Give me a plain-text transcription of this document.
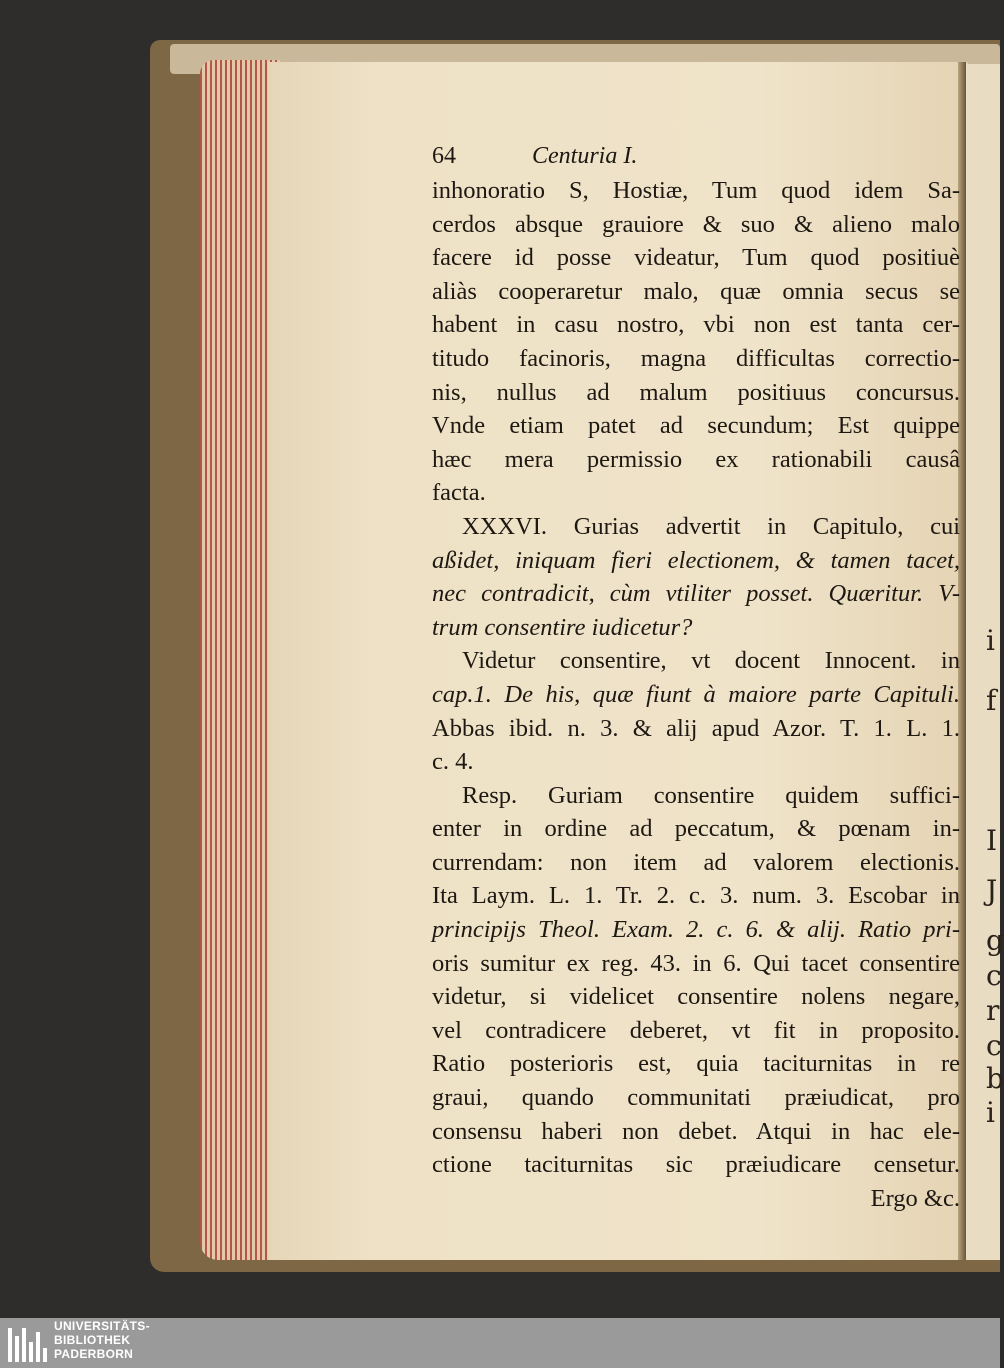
i
f
I
J
g
c
r
c
b
i
64	Centuria I.
inhonoratio S, Hostiæ, Tum quod idem Sa-
cerdos absque grauiore & suo & alieno malo
facere id posse videatur, Tum quod positiuè
aliàs cooperaretur malo, quæ omnia secus se
habent in casu nostro, vbi non est tanta cer-
titudo facinoris, magna difficultas correctio-
nis, nullus ad malum positiuus concursus.
Vnde etiam patet ad secundum; Est quippe
hæc mera permissio ex rationabili causâ
facta.
XXXVI. Gurias advertit in Capitulo, cui
aßidet, iniquam fieri electionem, & tamen tacet,
nec contradicit, cùm vtiliter posset. Quæritur. V-
trum consentire iudicetur?
Videtur consentire, vt docent Innocent. in
cap.1. De his, quæ fiunt à maiore parte Capituli.
Abbas ibid. n. 3. & alij apud Azor. T. 1. L. 1.
c. 4.
Resp. Guriam consentire quidem suffici-
enter in ordine ad peccatum, & pœnam in-
currendam: non item ad valorem electionis.
Ita Laym. L. 1. Tr. 2. c. 3. num. 3. Escobar in
principijs Theol. Exam. 2. c. 6. & alij. Ratio pri-
oris sumitur ex reg. 43. in 6. Qui tacet consentire
videtur, si videlicet consentire nolens negare,
vel contradicere deberet, vt fit in proposito.
Ratio posterioris est, quia taciturnitas in re
graui, quando communitati præiudicat, pro
consensu haberi non debet. Atqui in hac ele-
ctione taciturnitas sic præiudicare censetur.
Ergo &c.
UNIVERSITÄTS-
BIBLIOTHEK
PADERBORN
